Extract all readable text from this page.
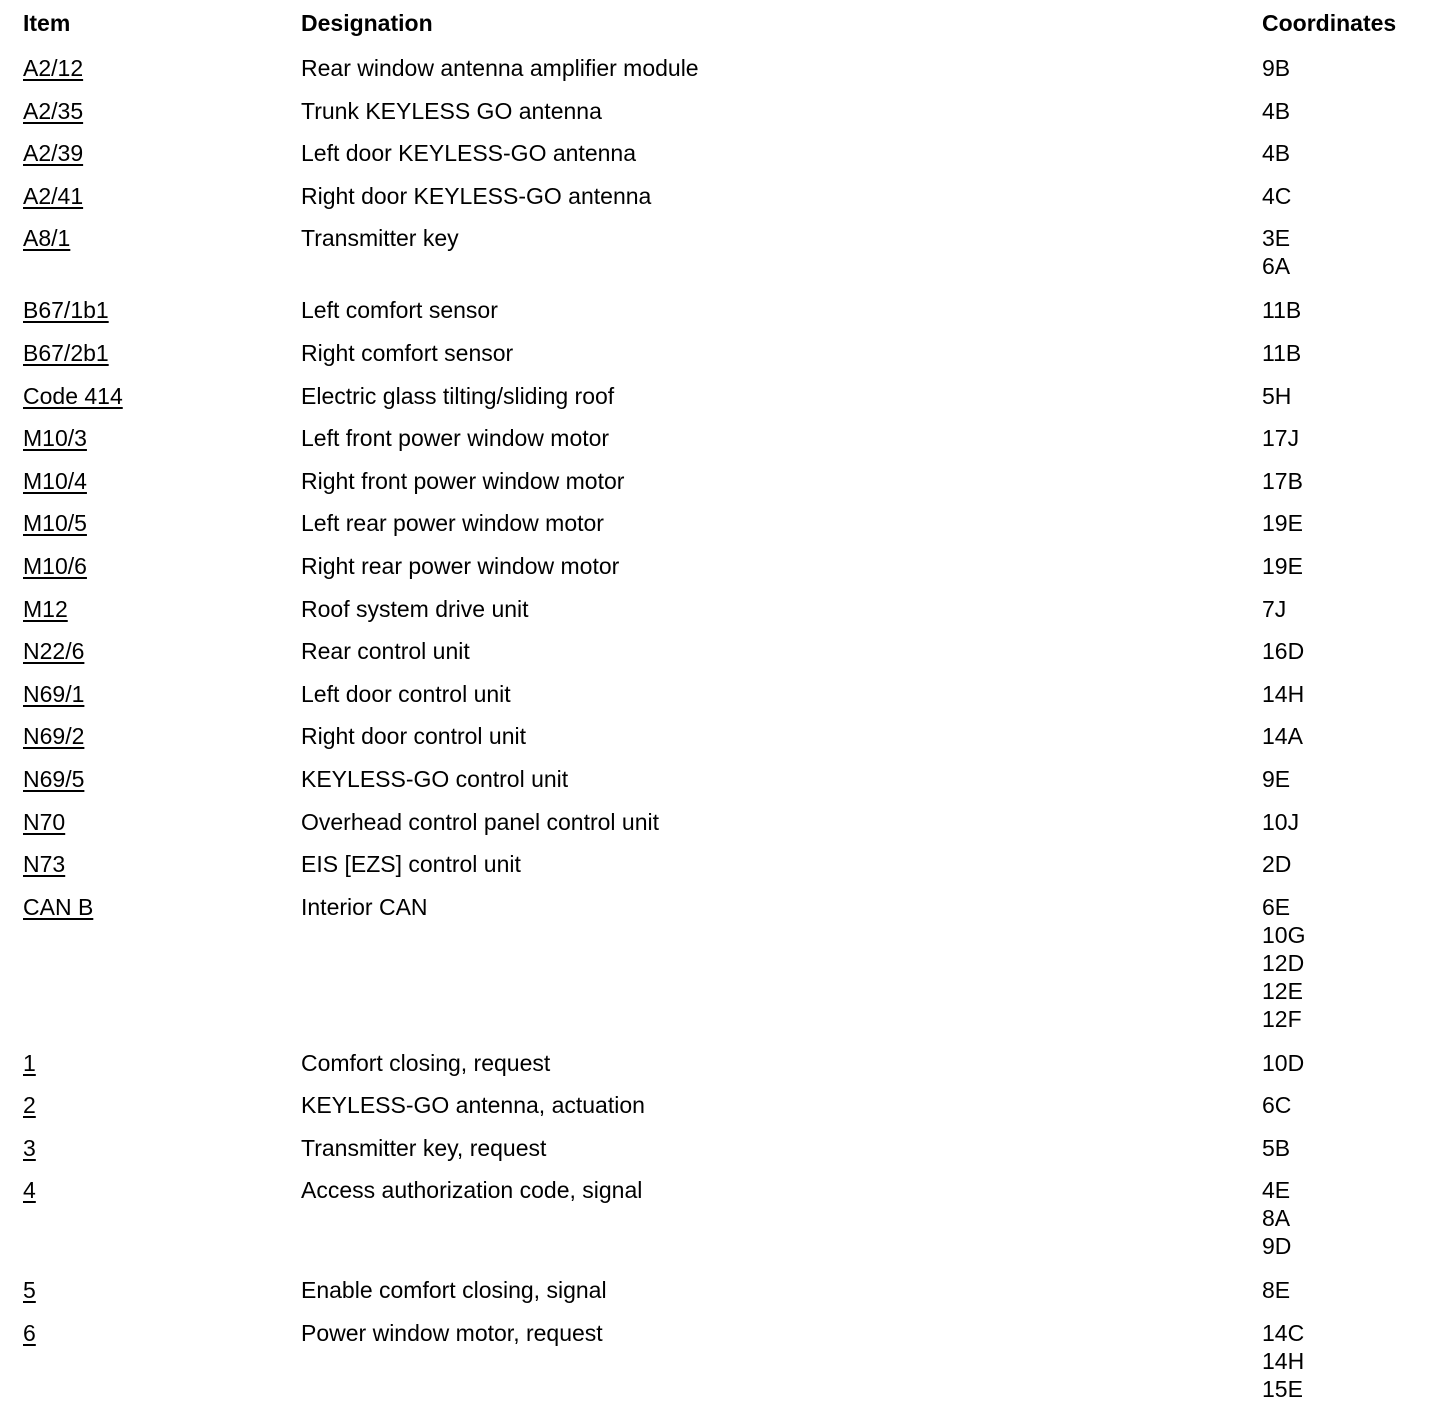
Item	Designation	Coordinates
A2/12	Rear window antenna amplifier module	9B
A2/35	Trunk KEYLESS GO antenna	4B
A2/39	Left door KEYLESS-GO antenna	4B
A2/41	Right door KEYLESS-GO antenna	4C
A8/1	Transmitter key	3E
6A
B67/1b1	Left comfort sensor	11B
B67/2b1	Right comfort sensor	11B
Code 414	Electric glass tilting/sliding roof	5H
M10/3	Left front power window motor	17J
M10/4	Right front power window motor	17B
M10/5	Left rear power window motor	19E
M10/6	Right rear power window motor	19E
M12	Roof system drive unit	7J
N22/6	Rear control unit	16D
N69/1	Left door control unit	14H
N69/2	Right door control unit	14A
N69/5	KEYLESS-GO control unit	9E
N70	Overhead control panel control unit	10J
N73	EIS [EZS] control unit	2D
CAN B	Interior CAN	6E
10G
12D
12E
12F
1	Comfort closing, request	10D
2	KEYLESS-GO antenna, actuation	6C
3	Transmitter key, request	5B
4	Access authorization code, signal	4E
8A
9D
5	Enable comfort closing, signal	8E
6	Power window motor, request	14C
14H
15E
